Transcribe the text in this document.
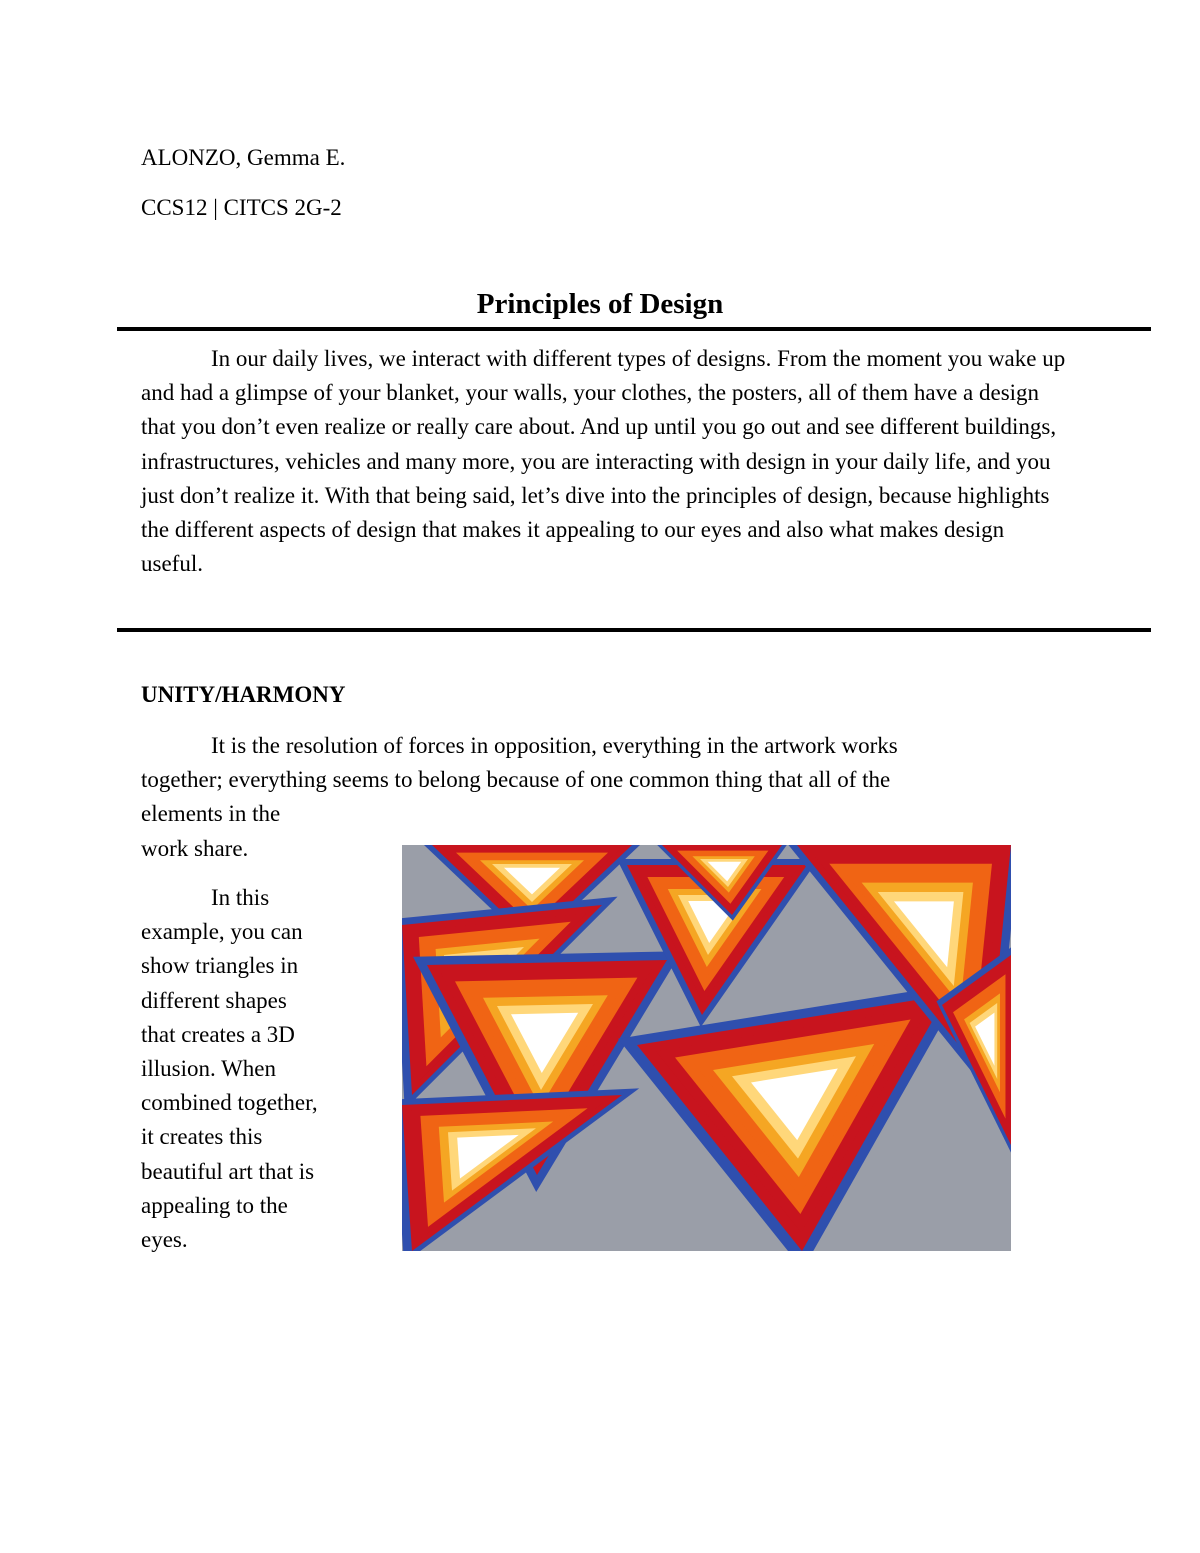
ALONZO, Gemma E.
CCS12 | CITCS 2G-2
Principles of Design

In our daily lives, we interact with different types of designs. From the moment you wake up and had a glimpse of your blanket, your walls, your clothes, the posters, all of them have a design that you don’t even realize or really care about. And up until you go out and see different buildings, infrastructures, vehicles and many more, you are interacting with design in your daily life, and you just don’t realize it. With that being said, let’s dive into the principles of design, because highlights the different aspects of design that makes it appealing to our eyes and also what makes design useful.

UNITY/HARMONY
It is the resolution of forces in opposition, everything in the artwork works
together; everything seems to belong because of one common thing that all of the
elements in the
work share.
In this
example, you can
show triangles in
different shapes
that creates a 3D
illusion. When
combined together,
it creates this
beautiful art that is
appealing to the
eyes.
